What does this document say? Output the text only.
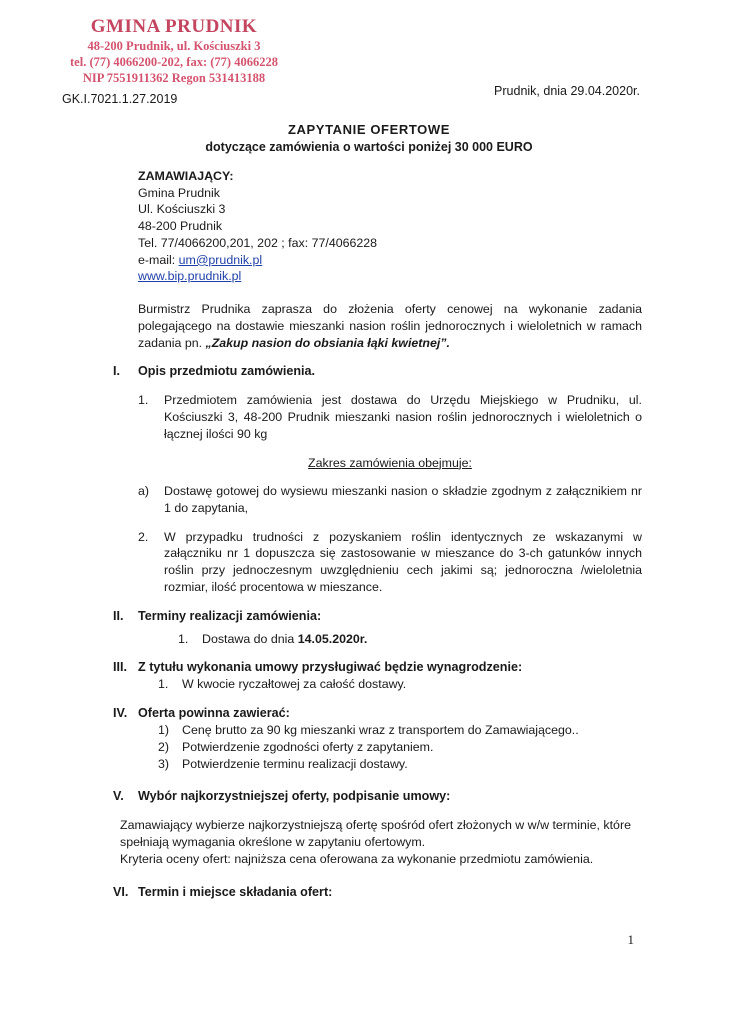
GMINA PRUDNIK
48-200 Prudnik, ul. Kościuszki 3
tel. (77) 4066200-202, fax: (77) 4066228
NIP 7551911362 Regon 531413188
GK.I.7021.1.27.2019
Prudnik, dnia 29.04.2020r.
ZAPYTANIE OFERTOWE
dotyczące zamówienia o wartości poniżej 30 000 EURO
ZAMAWIAJĄCY:
Gmina Prudnik
Ul. Kościuszki 3
48-200 Prudnik
Tel. 77/4066200,201, 202 ; fax: 77/4066228
e-mail: um@prudnik.pl
www.bip.prudnik.pl
Burmistrz Prudnika zaprasza do złożenia oferty cenowej na wykonanie zadania polegającego na dostawie mieszanki nasion roślin jednorocznych i wieloletnich w ramach zadania pn. „Zakup nasion do obsiania łąki kwietnej”.
I. Opis przedmiotu zamówienia.
1. Przedmiotem zamówienia jest dostawa do Urzędu Miejskiego w Prudniku, ul. Kościuszki 3, 48-200 Prudnik mieszanki nasion roślin jednorocznych i wieloletnich o łącznej ilości 90 kg
Zakres zamówienia obejmuje:
a) Dostawę gotowej do wysiewu mieszanki nasion o składzie zgodnym z załącznikiem nr 1 do zapytania,
2. W przypadku trudności z pozyskaniem roślin identycznych ze wskazanymi w załączniku nr 1 dopuszcza się zastosowanie w mieszance do 3-ch gatunków innych roślin przy jednoczesnym uwzględnieniu cech jakimi są; jednoroczna /wieloletnia rozmiar, ilość procentowa w mieszance.
II. Terminy realizacji zamówienia:
1. Dostawa do dnia 14.05.2020r.
III. Z tytułu wykonania umowy przysługiwać będzie wynagrodzenie:
1. W kwocie ryczałtowej za całość dostawy.
IV. Oferta powinna zawierać:
1) Cenę brutto za 90 kg mieszanki wraz z transportem do Zamawiającego..
2) Potwierdzenie zgodności oferty z zapytaniem.
3) Potwierdzenie terminu realizacji dostawy.
V. Wybór najkorzystniejszej oferty, podpisanie umowy:
Zamawiający wybierze najkorzystniejszą ofertę spośród ofert złożonych w w/w terminie, które spełniają wymagania określone w zapytaniu ofertowym.
Kryteria oceny ofert: najniższa cena oferowana za wykonanie przedmiotu zamówienia.
VI. Termin i miejsce składania ofert:
1
